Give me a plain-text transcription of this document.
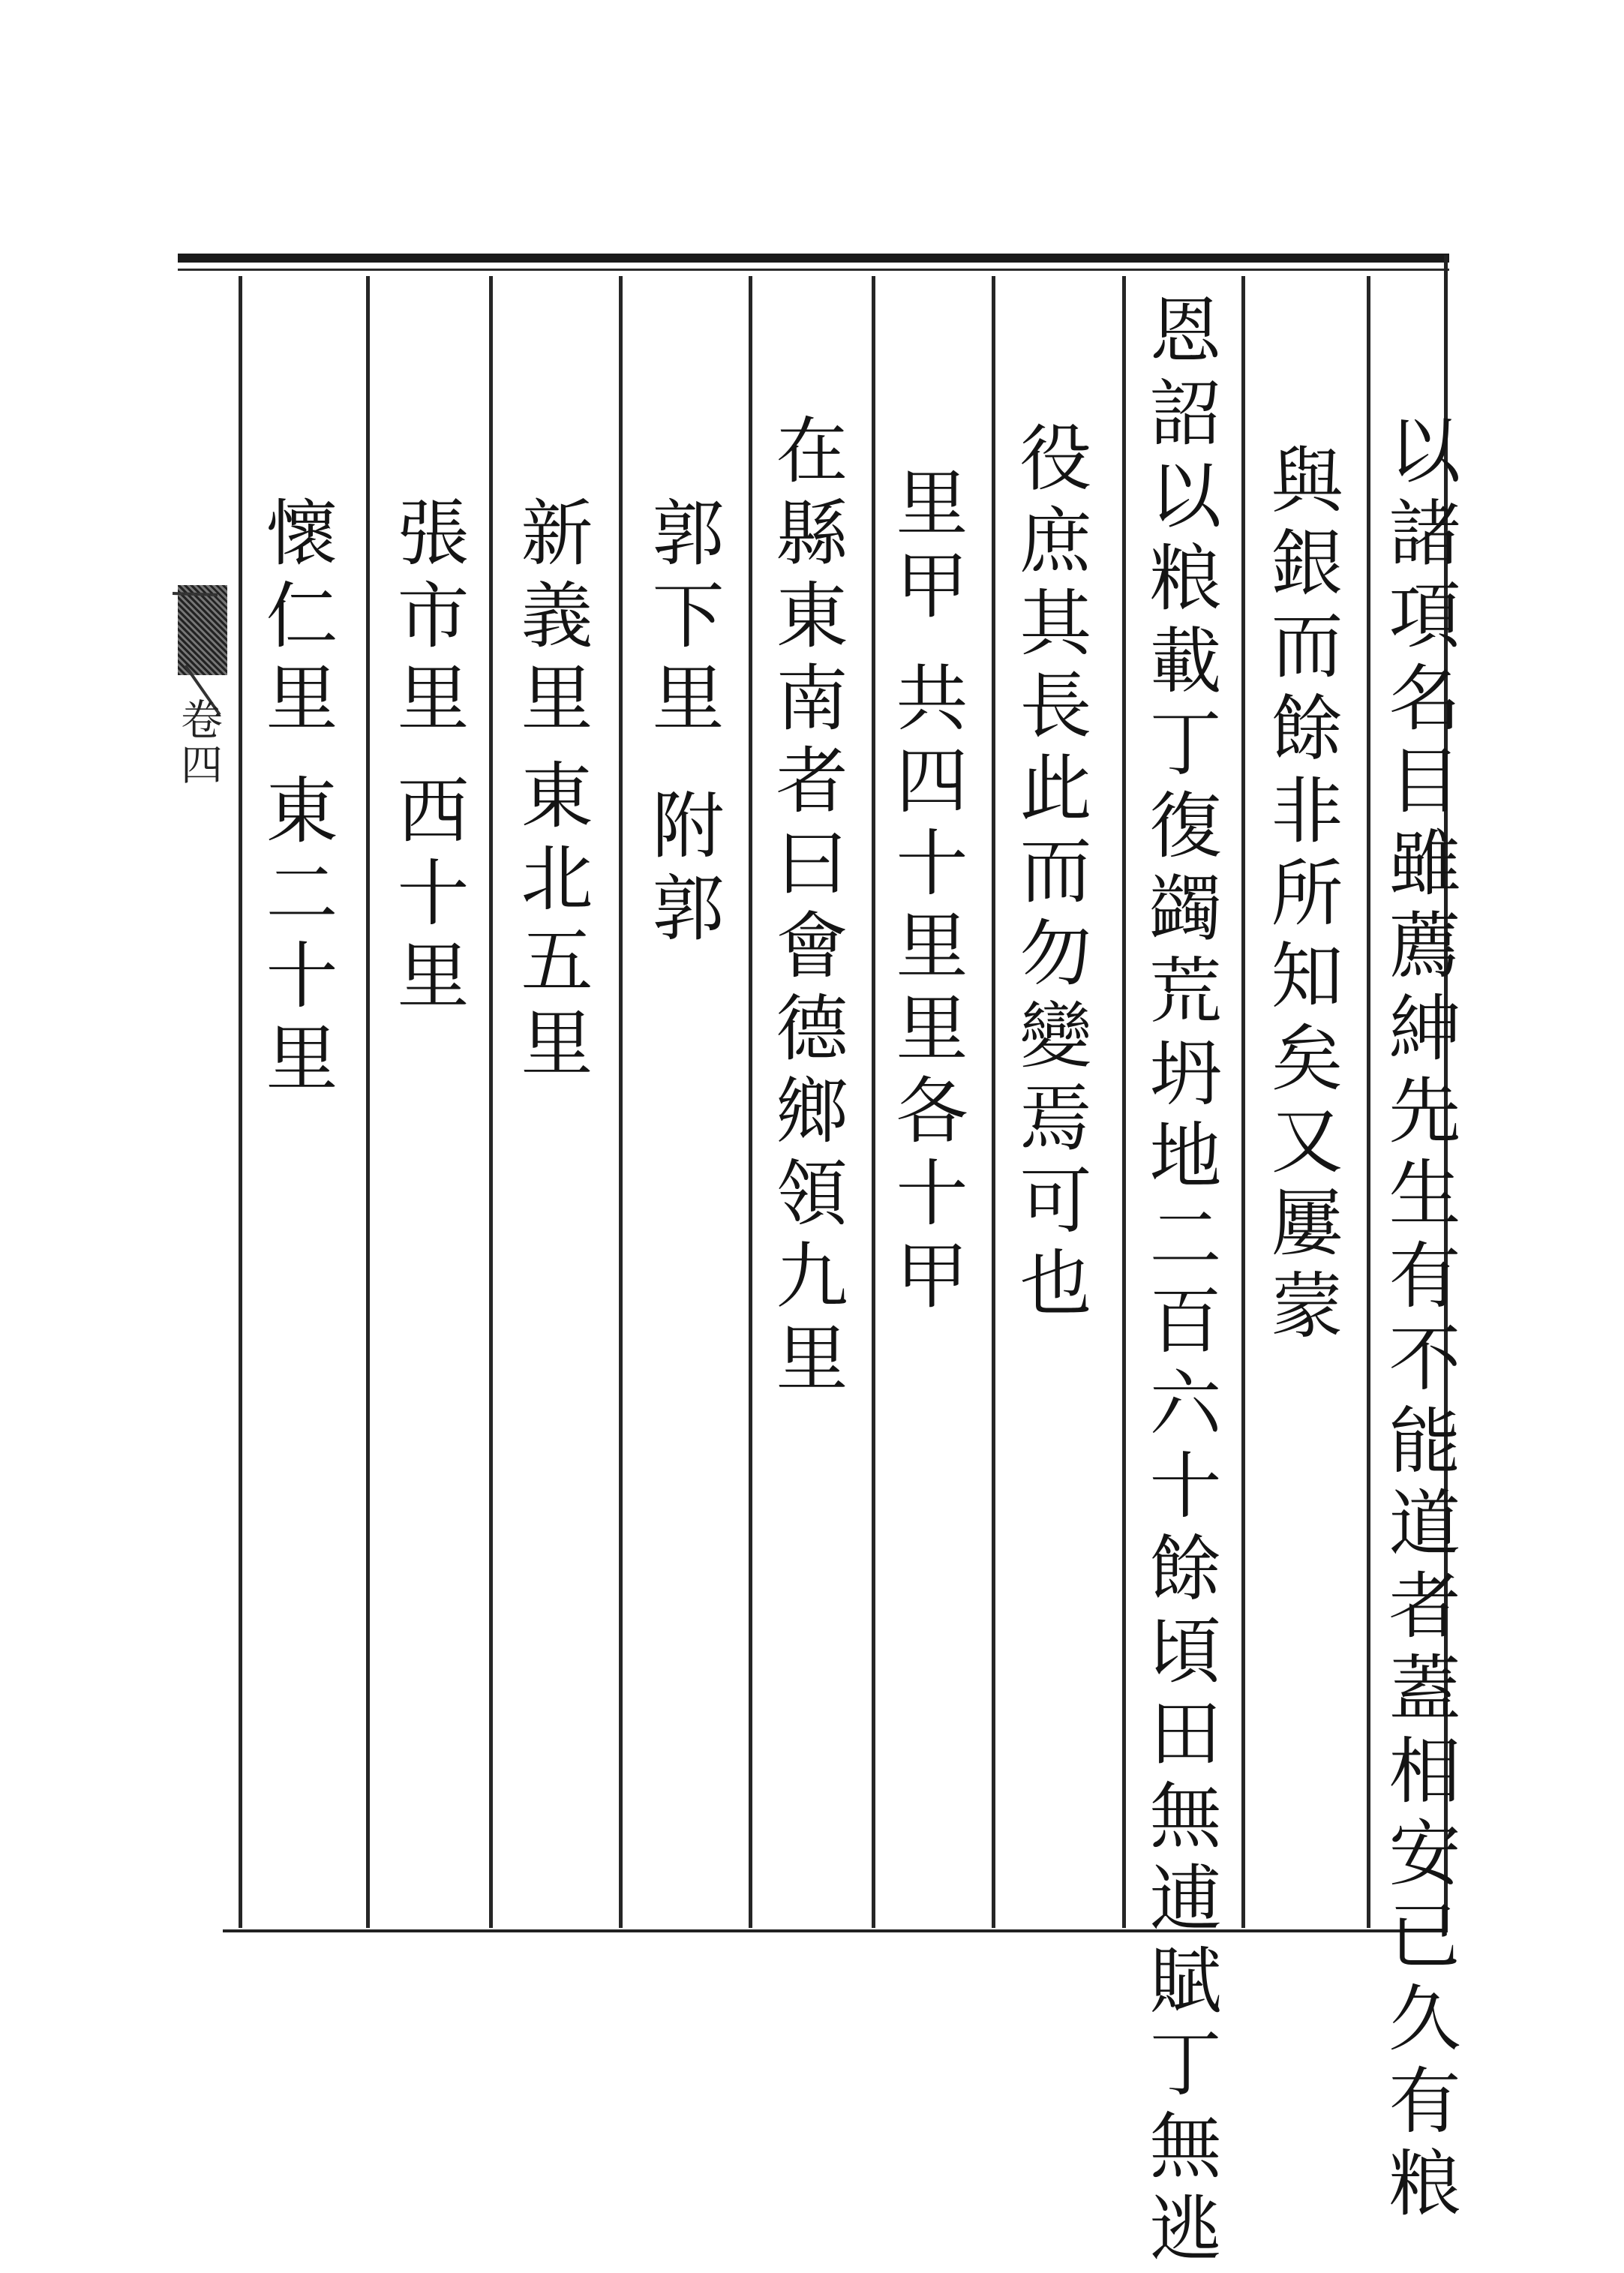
卷四	以諸項名目雖薦紳先生有不能道者蓋相安已久有粮
與銀而餘非所知矣又屢蒙
恩詔以粮載丁復蠲荒坍地二百六十餘頃田無逋賦丁無逃
役庶其長此而勿變焉可也
里甲
共四十里里各十甲
在縣東南者曰會德鄉領九里
郭下里
附郭
新義里
東北五里
張市里
西十里
懷仁里
東二十里
